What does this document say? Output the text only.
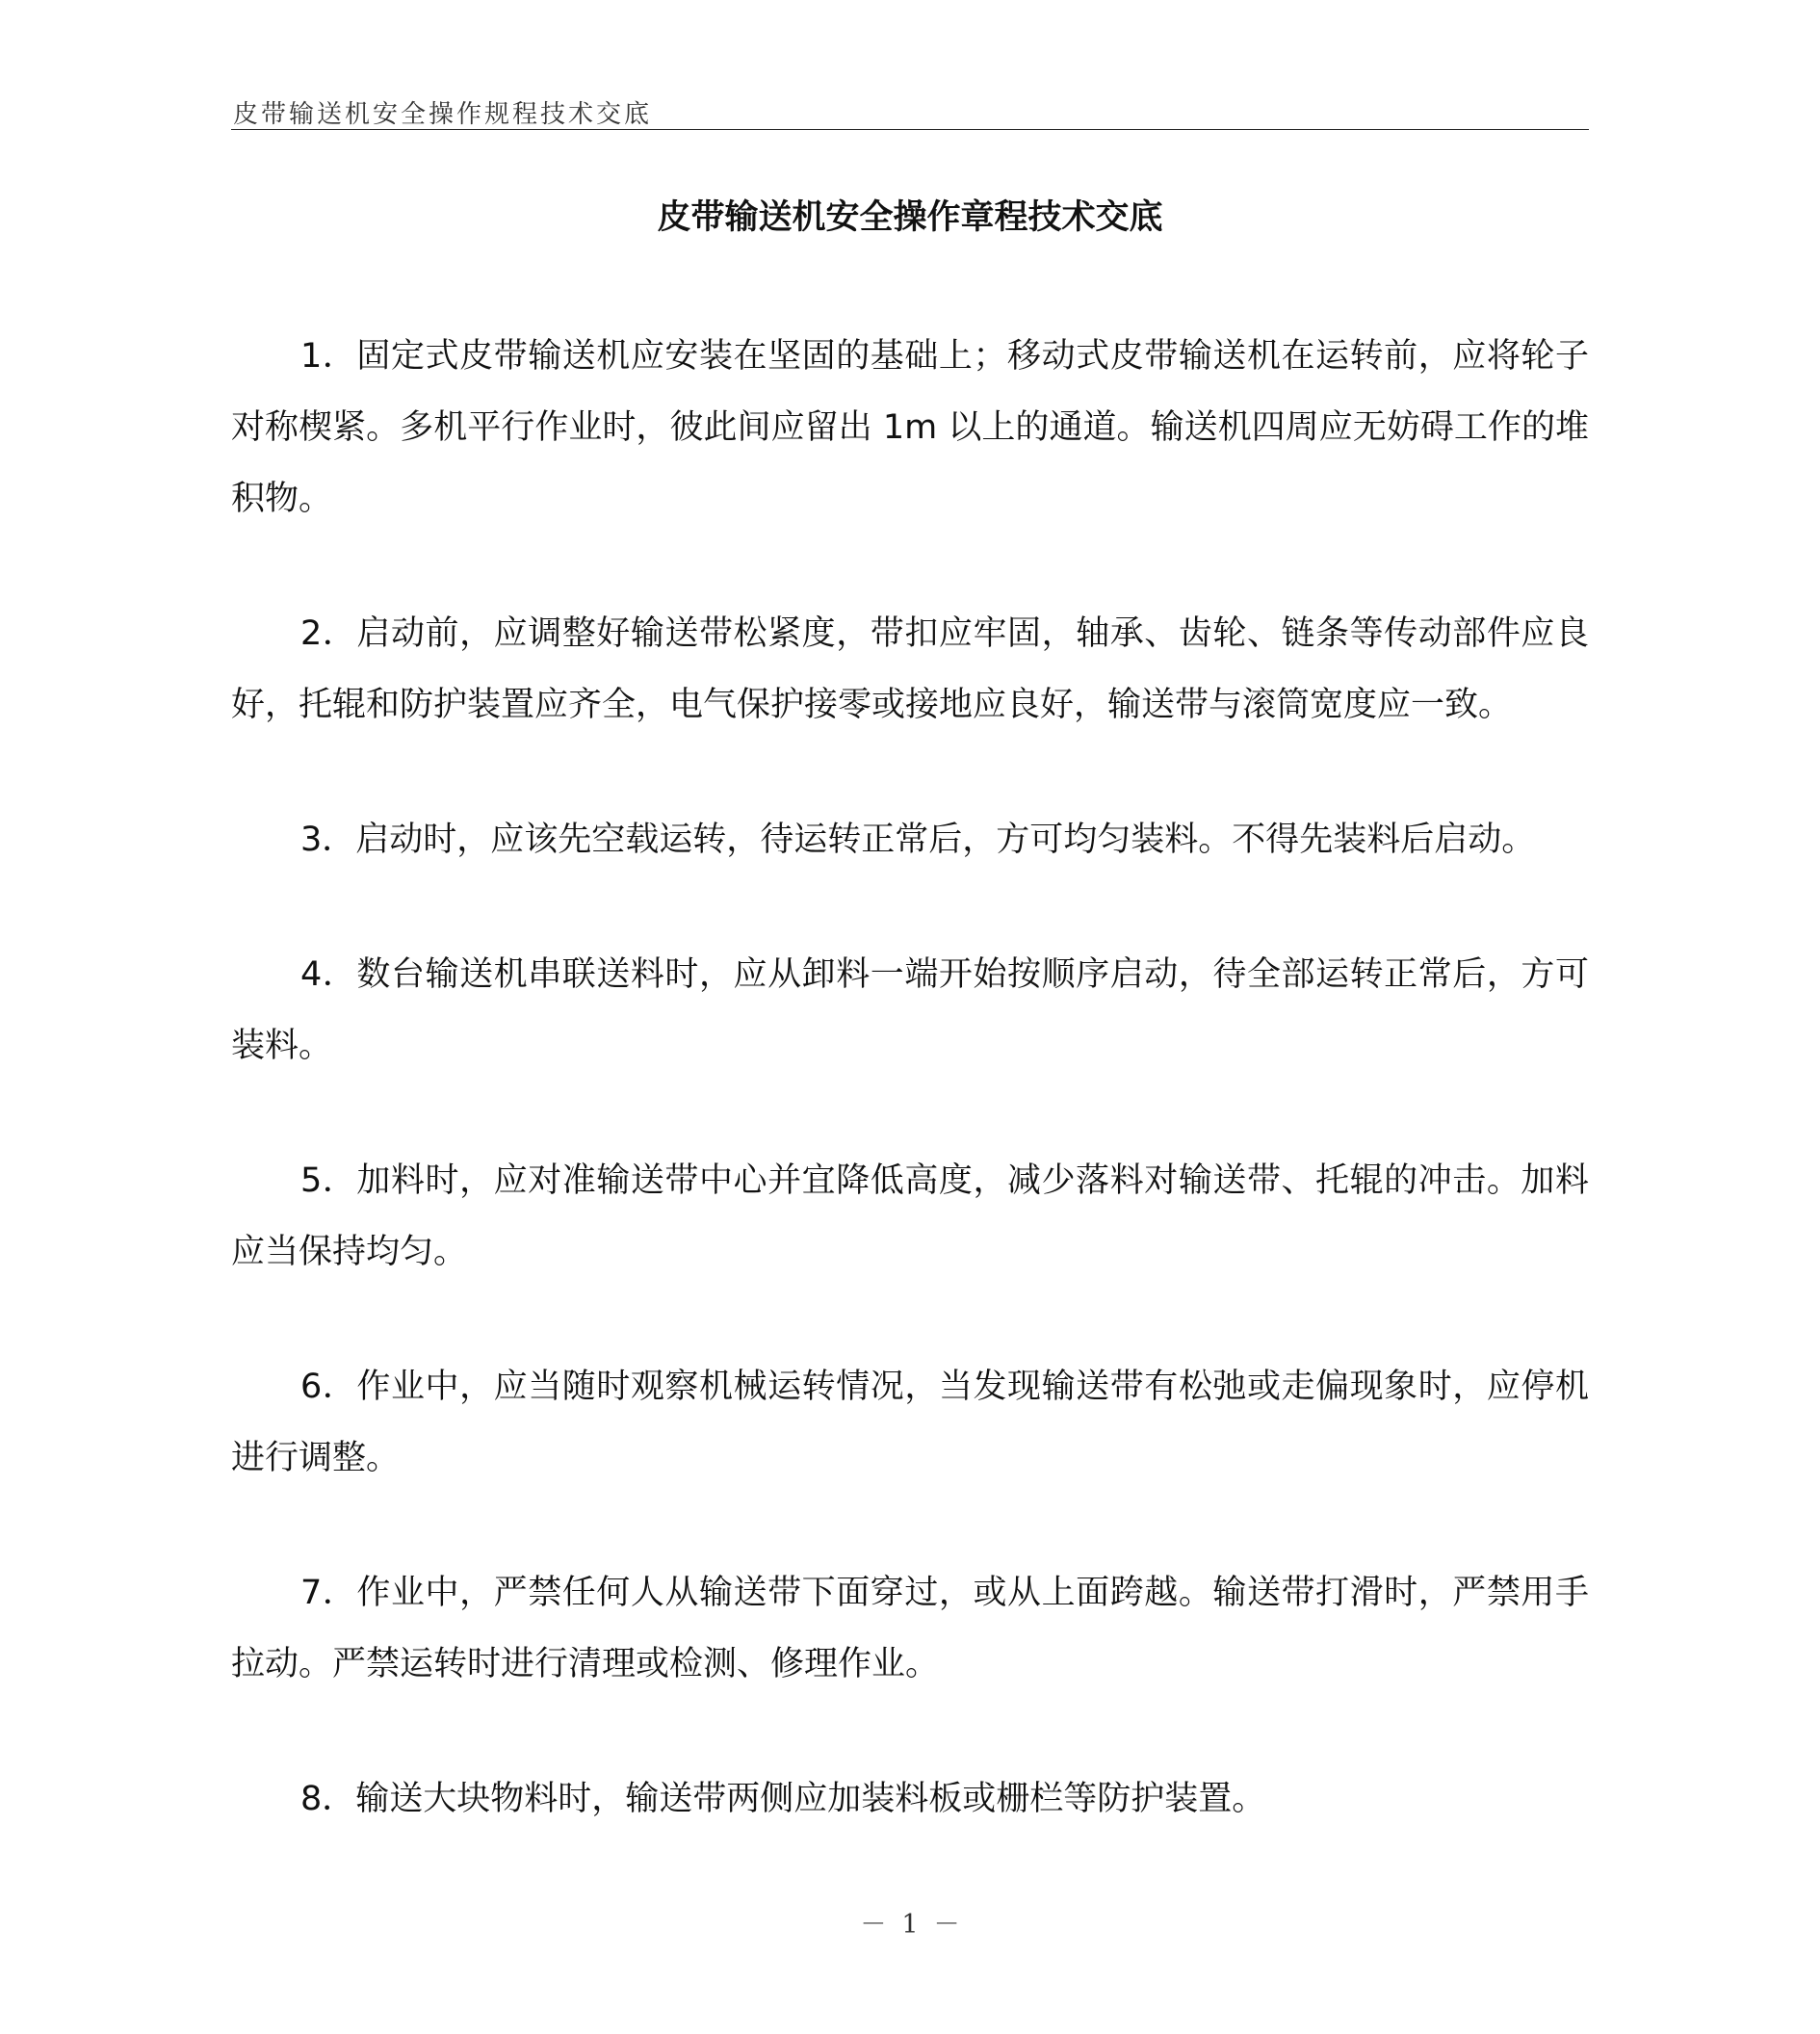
皮带输送机安全操作规程技术交底
皮带输送机安全操作章程技术交底

1．固定式皮带输送机应安装在坚固的基础上；移动式皮带输送机在运转前，应将轮子对称楔紧。多机平行作业时，彼此间应留出 1m 以上的通道。输送机四周应无妨碍工作的堆积物。

2．启动前，应调整好输送带松紧度，带扣应牢固，轴承、齿轮、链条等传动部件应良好，托辊和防护装置应齐全，电气保护接零或接地应良好，输送带与滚筒宽度应一致。

3．启动时，应该先空载运转，待运转正常后，方可均匀装料。不得先装料后启动。

4．数台输送机串联送料时，应从卸料一端开始按顺序启动，待全部运转正常后，方可装料。

5．加料时，应对准输送带中心并宜降低高度，减少落料对输送带、托辊的冲击。加料应当保持均匀。

6．作业中，应当随时观察机械运转情况，当发现输送带有松弛或走偏现象时，应停机进行调整。

7．作业中，严禁任何人从输送带下面穿过，或从上面跨越。输送带打滑时，严禁用手拉动。严禁运转时进行清理或检测、修理作业。

8．输送大块物料时，输送带两侧应加装料板或栅栏等防护装置。

－ 1 －
